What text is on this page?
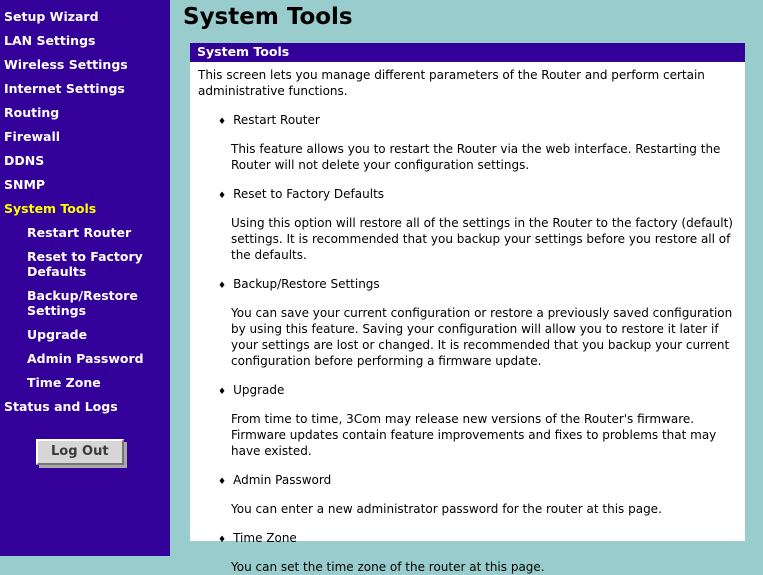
Setup Wizard
LAN Settings
Wireless Settings
Internet Settings
Routing
Firewall
DDNS
SNMP
System Tools
Restart Router
Reset to Factory Defaults
Backup/Restore Settings
Upgrade
Admin Password
Time Zone
Status and Logs
Log Out
System Tools
System Tools

This screen lets you manage different parameters of the Router and perform certain administrative functions.

♦ Restart Router

This feature allows you to restart the Router via the web interface. Restarting the Router will not delete your configuration settings.

♦ Reset to Factory Defaults

Using this option will restore all of the settings in the Router to the factory (default) settings. It is recommended that you backup your settings before you restore all of the defaults.

♦ Backup/Restore Settings

You can save your current configuration or restore a previously saved configuration by using this feature. Saving your configuration will allow you to restore it later if your settings are lost or changed. It is recommended that you backup your current configuration before performing a firmware update.

♦ Upgrade

From time to time, 3Com may release new versions of the Router's firmware. Firmware updates contain feature improvements and fixes to problems that may have existed.

♦ Admin Password

You can enter a new administrator password for the router at this page.

♦ Time Zone

You can set the time zone of the router at this page.
